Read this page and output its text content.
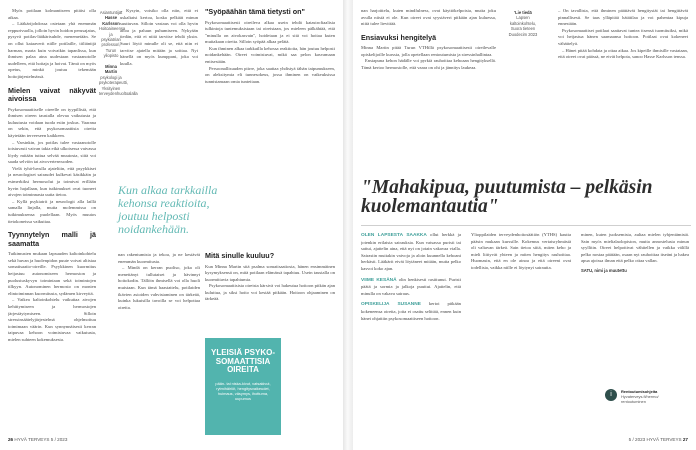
Myös potilaan kolmantiseen pitäisi olla aikaa.

– Lääkärijohdossa ostetaan yhä enemmän reppurivuolla, jolloin hyvin hoidon perusajatus, pysyvä potilas-lääkärisuhde, menemetään. Se on ollut kaiaaverit niille potilaille, tiiliäntijä harman, marta kuin voivatkin tapanlissa, kun ihmisen palaa aina uudestaan vastaanotolle uudelleen, että hoitaja ja hoivat. Tämä on myös opetus, minkä joutuu tekemään hoitojärjestelmässä.

Mielen vaivat näkyvät aivoissa

Psykosomaattiselle oireelle on tyypillistä, että ihmisen oireen taustalla olevaa vaikutusta ja kuluutusta voidaan tuoda esiin joskus. Vaarana on sekin, että psykosomaattisia oireita käytetään terveeseen kaikkeen.

– Varsinkin, jos potilas tulee vastaanotolle toistuvasti vaivan takia eikä ulkoisessa vaivassa löydy mitään tuttua selvää muutosta, siitä voi saada selviön tai aivovertenvuoden.

Vielä tyhä-luvulla ajateltiin, että psyykkiset ja neurologiset sairaudet kulkevat käsikkäin ja esimerkiksi hermosolut ja toimivat erillään hyvin hajallaan, kun tutkimukset ovat tuoneet aivojen toiminnasta uutta tietoa.

– Kyllä psykiatrit ja neurologit alla laillä samalla linjalla, mutta molemmissa on tutkimuksensa puolellaan. Myös muutos tietokoneissa vaikuttaa.

Tyynnytelyn malli jä saamatta

Tutkimusten mukaan lapsuuden kaltoinkohtelu sekä huvan ja huolenpidon puute voivat altistaa somatisaatio-oireille. Psyykkinen kuormitus heijastuu autonomiseen hermoston ja puolustuskyvyn toimintaan sekä toimintojen tilkyyn. Autonominen hermosto on monien elintoiminnan kuormitusta, sydämen kirveyttä.

– Vaikea kaltoinkohtelu vaikuttaa aivojen kehittymiseen ja hermostojen järjestäytymiseen. Silloin stressinsäätelyjärjestelmä ohjelmoituu toimimaan väärin. Kun synnynnäisesti kerran taipuvaa kehoon voimistuvaa vaikutusta, mielen suhteen kokemuksesta.

Asiantuntijat

Hasse Karlsson
Hoitoaineensa ja
psykiatrian professori,
Turun yliopisto

Minna Martin
psykologi ja
psykoterapeutti,
Yksityinen
terveydenhuoltoalalla

– Kysyin, voisiko olla niin, että et uskaltaisi kertoa, koska pelkäät minun suuttuvan. Silloin vastaus voi olla hyvin aitoa ja paluun puhumiseen. Nykyään tiedän, että ei niitä tarvitse tehdä yksin. Suuri löytö minulle oli se, että niin ei tarvitse ajatella mitään ja soittaa. Nyt hänellä on myös kumppani, joka voi kuulla.

"Syöpäähän tämä tietysti on"

Psykosomaattisesti oireileva alkaa usein tehdä katastrofiaalisia tulkintoja tuntemuksistaan tai oireistaan, jos mieleen pälkähtää, että "minulla on aivokasvain", hoidetaan ja ei sitä voi hoitaa kuten muitakaan oireita. Silloin syöpää alkaa pelätä.

Kun ihminen alkaa tarkkailla kehossa reaktioita, hän joutuu helposti noidankehään. Oireet voimistuvat, mikä saa pelon kasvamaan entisestään.

Persoonallisuuden piirre, joka saattaa yhdistyä tähän taipumukseen, on aleksitymia eli tunnesokeus, jossa ihminen on vaikeuksissa tunnistamaan omia tunteitaan.

Kun alkaa tarkkailla kehonsa reaktioita, joutuu helposti noidankehään.

nan rakentumista ja tekoa, ja ne kestävät enemmän kuormitusta.

– Mindä on kerran puoliso, joka oli menettänyt tullutaiset ja hävinnyt hoitokodin. Tällöin ihmisellä voi olla huoli muistaan. Kun tämä haastattelu, potilaiden ikävien asioiden vahvistaminen on tärkeää, kuinka lukuisilla tavoilla se voi helpottaa oireita.

Mitä sinulle kuuluu?

Kun Minna Martin sitä psalma somatisaatiosta, hänen ensimmäinen kysymyksensä on, mitä potilaan elämässä tapahtuu. Usein taustalla on kuormittavia tapahtumia.

Psykosomaattisista oireista kärsivä voi hakeutua hoitoon pitkän ajan kuluttua, ja siksi hoito voi kestää pitkään. Hoitoon ohjaaminen on tärkeää.

YLEISIÄ PSYKO-SOMAATTISIA OIREITA
pään- tai niska-kivut, vatsakivut, rytmihäiriöt, hengitysvaikeudet, huimaus, väsymys, ihottuma, uupumus
26 HYVÄ TERVEYS 5 / 2023

nan harjoittelu, kuten mindfulness, ovat käyttökelpoisia, mutta joku avulla niistä ei ole. Kun oireet ovat syystäveri pitkään ajan kuluessa, niitä tulee lievittää.

Ensiavuksi hengitelyä

Minna Martin pitää Turun VTHillä psykosomaattisesti oireilevalle opiskelijoille kurssia, jolla opetellaan rentoutumista ja stressinhallintaa.

Ensiapuna kehon hädälle voi pyrkiä rauhoittaa kehoaan hengityksellä. Tämä kertoo hermostolle, että vaara on ohi ja jännitys laukeaa.

'Lie tiedä
Lapsen
kaltoinkohtelu,
Suora tieteen
Duodecim 2023

– On tavallista, että ihminen päättävät hengitystät tai hengittävät pinnallisesti. Se taas ylläpitää hätätilaa ja voi pahentaa kipuja ennestään.

Psykosomaattiset potilaat saattavat tuntea itsensä tuomituiksi, mikä voi heijastua hänen saamaansa hoitoon. Potilaat ovat kokeneet vähättelyä.

– Hänet pitää kohdata ja ottaa aikaa. Jos kipeille ihmisille vastataan, että oireet ovat päässä, ne eivät helpota, sanoo Hasse Karlsson tenssa.

"Mahakipua, puutumista – pelkäsin kuolemantautia"

OLEN LAPSESTA SAAKKA ollut herkkä ja jotenkin erilaista sairauksia. Kun vatsassa puristi tai sattui, ajattelin aina, että nyt on jotain vakavaa vialla. Sairastin muitakin vaivoja ja aloin kuunnella kehoani herkästi. Lääkärit eivät löytäneet mitään, mutta pelko kasvoi koko ajan.

VIIME KESÄNÄ olin henkisesti rasittunut. Puristi päätä ja sormia ja jalkoja puuttui. Ajattelin, että minulla on vakava sairaus.

OPISKELIJA SUSANNE kertoi pitkään kokeneensa oireita, joita ei osattu selittää, ennen kuin hänet ohjattiin psykosomaattiseen hoitoon.

Ylioppilaiden terveydenhoitosäätiön (YTHS) kautta pääsin mukaan kurssille. Kokemus vertaisryhmästä oli valtavan tärkeä. Sain tietoa siitä, miten keho ja mieli liittyvät yhteen ja miten hengitys rauhoittaa. Huomasin, että en ole ainoa ja että oireeni ovat todellisia, vaikka niille ei löytynyt sairautta.

minen, kuten juoksemista, aultaa mielen tyhjentämistä. Sain myös mielialaolopiston, mutta annostelusta minun syyllitin. Oireet helpottivat vähitellen ja vaikka välillä pelko nostaa päätään, osaan nyt rauhoittaa itseäni ja hakea apua ajoissa ilman että pelko ottaa vallan.

SATU, nimi ja muutettu

i	Rentoutumisohjeita
Hyvaterveys.fi/hermo/
rentoutuminen
5 / 2023 HYVÄ TERVEYS 27
